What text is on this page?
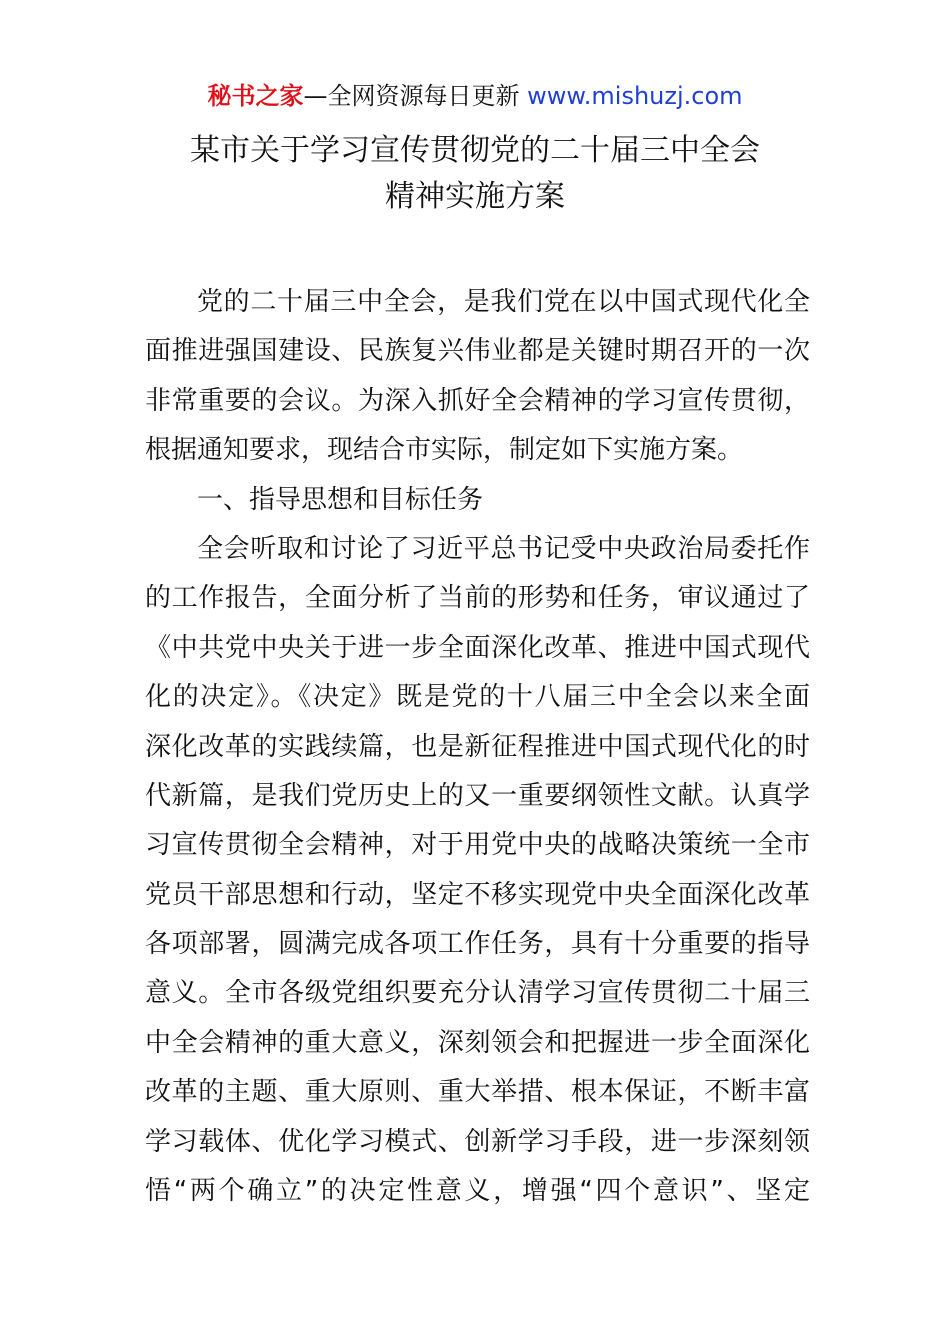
秘书之家—全网资源每日更新 www.mishuzj.com
某市关于学习宣传贯彻党的二十届三中全会
精神实施方案
党的二十届三中全会，是我们党在以中国式现代化全
面推进强国建设、民族复兴伟业都是关键时期召开的一次
非常重要的会议。为深入抓好全会精神的学习宣传贯彻，
根据通知要求，现结合市实际，制定如下实施方案。
一、指导思想和目标任务
全会听取和讨论了习近平总书记受中央政治局委托作
的工作报告，全面分析了当前的形势和任务，审议通过了
《中共党中央关于进一步全面深化改革、推进中国式现代
化的决定》。《决定》既是党的十八届三中全会以来全面
深化改革的实践续篇，也是新征程推进中国式现代化的时
代新篇，是我们党历史上的又一重要纲领性文献。认真学
习宣传贯彻全会精神，对于用党中央的战略决策统一全市
党员干部思想和行动，坚定不移实现党中央全面深化改革
各项部署，圆满完成各项工作任务，具有十分重要的指导
意义。全市各级党组织要充分认清学习宣传贯彻二十届三
中全会精神的重大意义，深刻领会和把握进一步全面深化
改革的主题、重大原则、重大举措、根本保证，不断丰富
学习载体、优化学习模式、创新学习手段，进一步深刻领
悟“两个确立”的决定性意义，增强“四个意识”、坚定
